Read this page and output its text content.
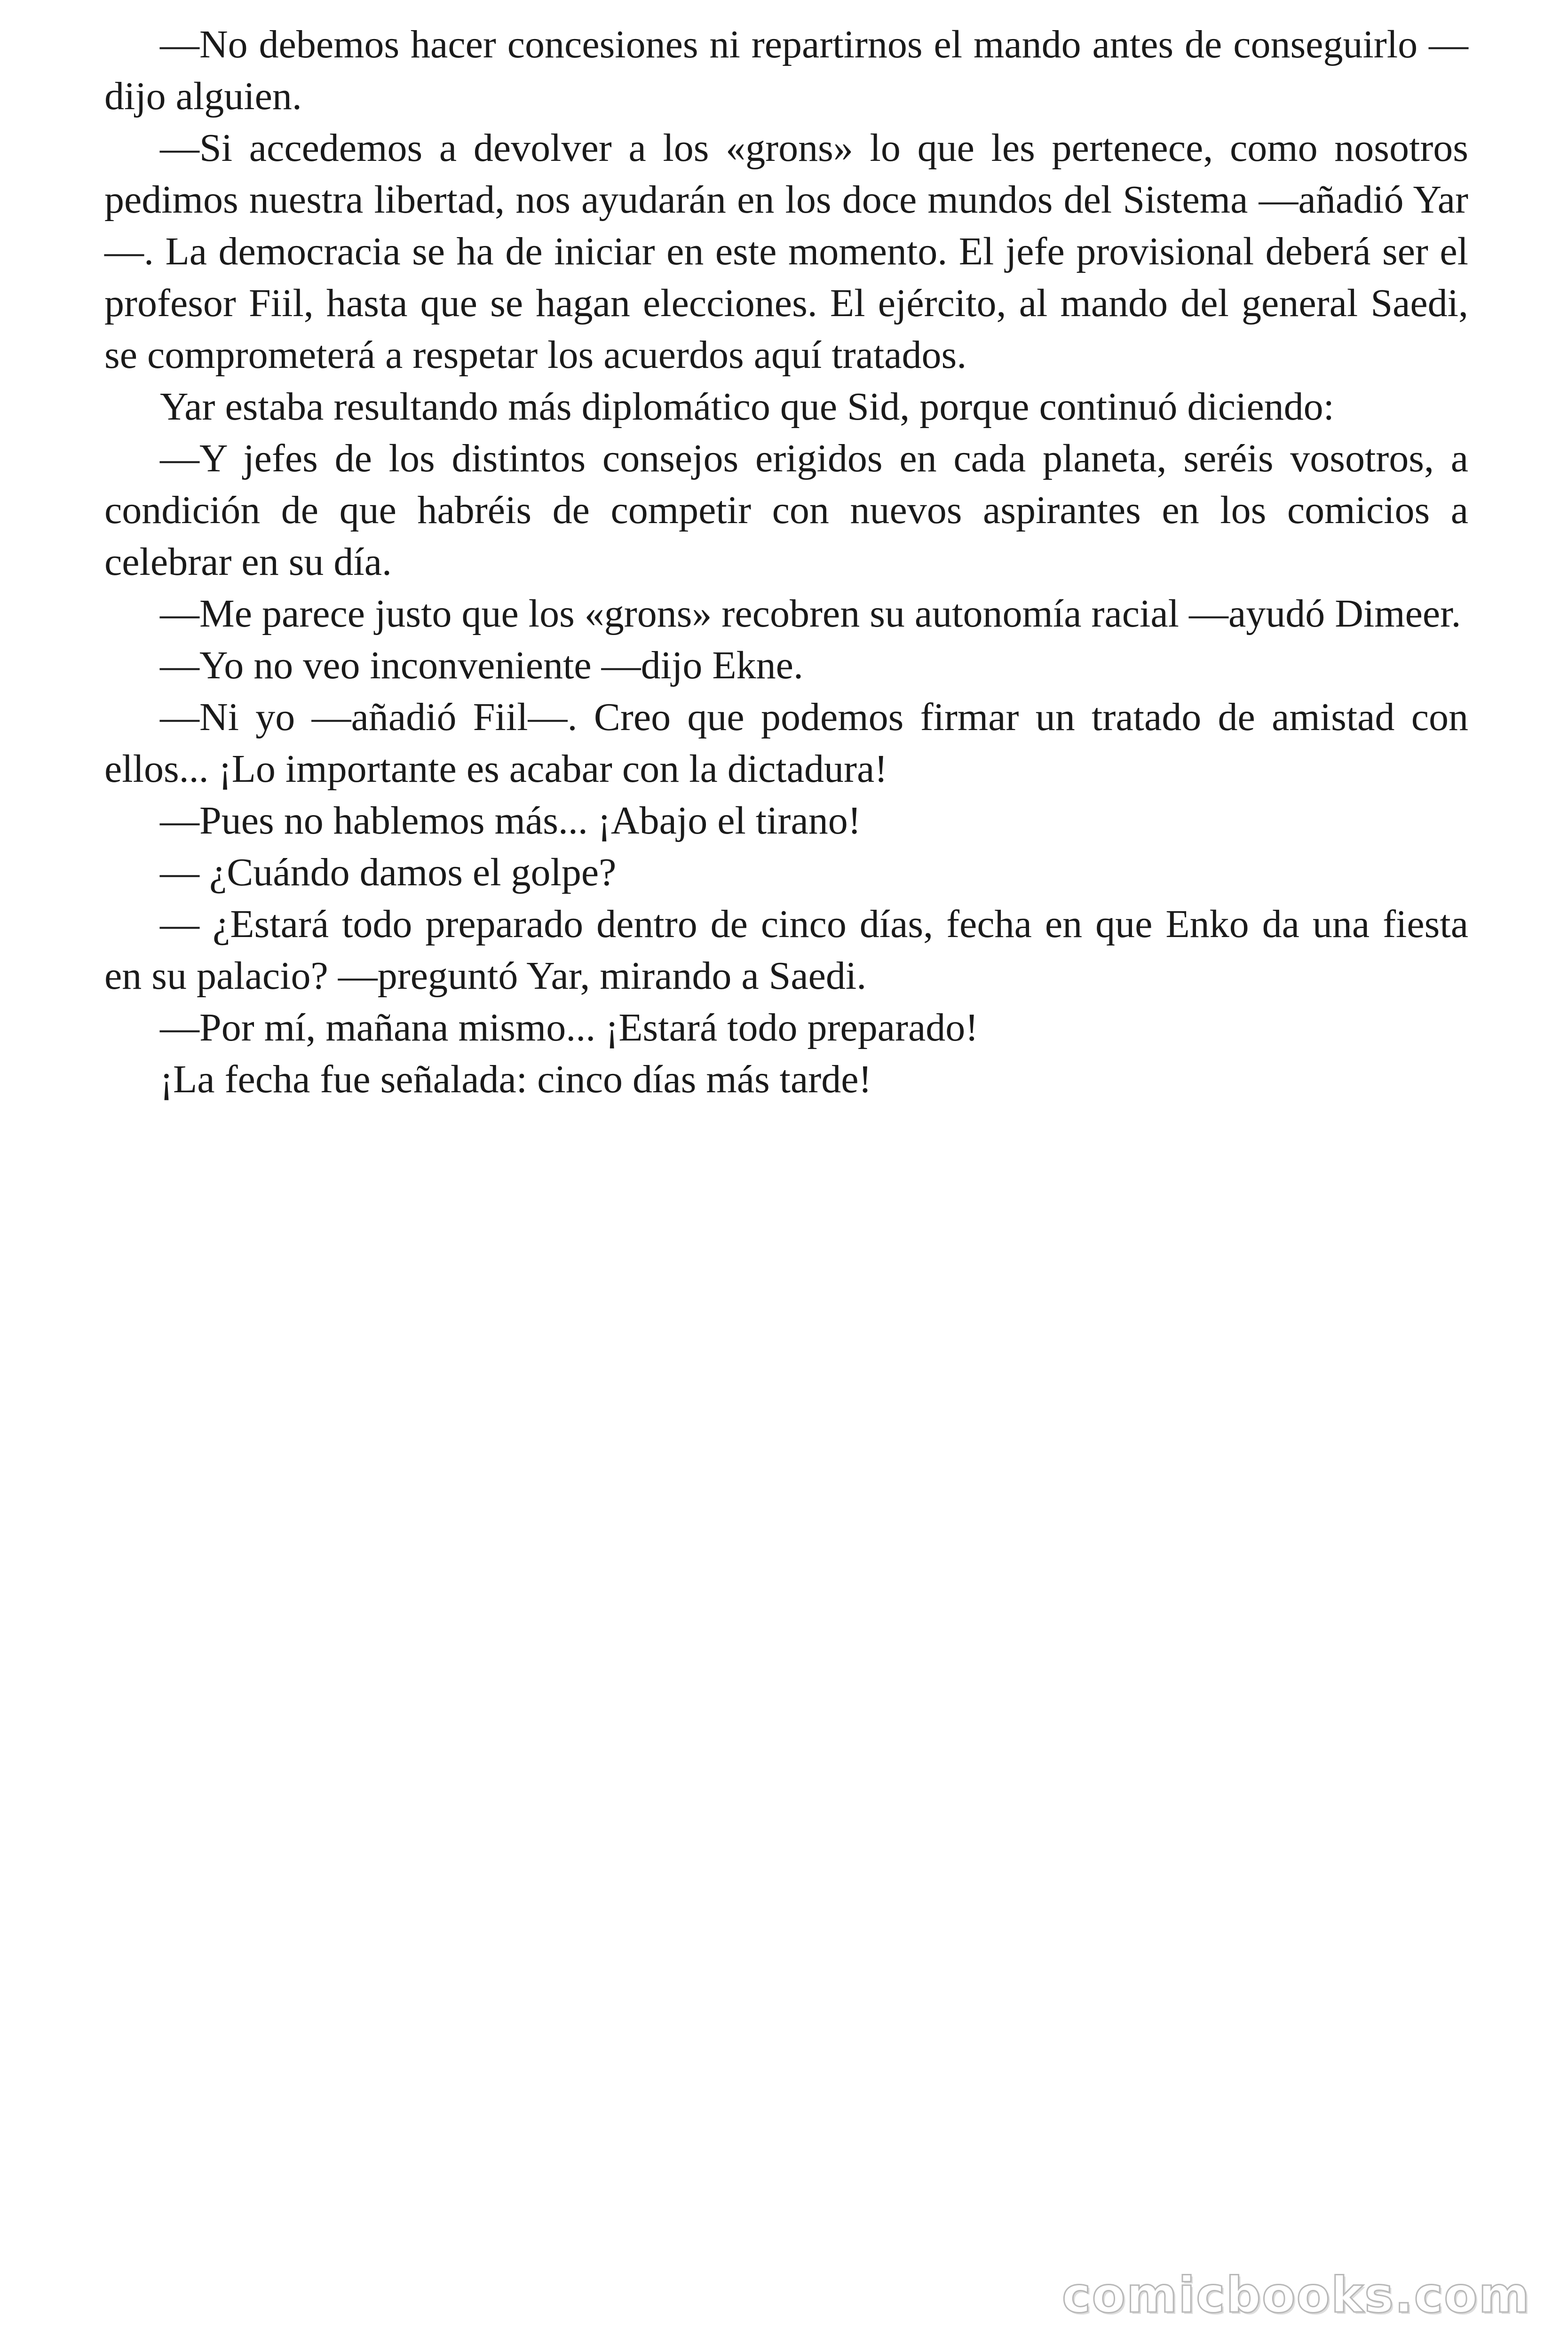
—No debemos hacer concesiones ni repartirnos el mando antes de conseguirlo —dijo alguien.

—Si accedemos a devolver a los «grons» lo que les pertenece, como nosotros pedimos nuestra libertad, nos ayudarán en los doce mundos del Sistema —añadió Yar—. La democracia se ha de iniciar en este momento. El jefe provisional deberá ser el profesor Fiil, hasta que se hagan elecciones. El ejército, al mando del general Saedi, se comprometerá a respetar los acuerdos aquí tratados.

Yar estaba resultando más diplomático que Sid, porque continuó diciendo:

—Y jefes de los distintos consejos erigidos en cada planeta, seréis vosotros, a condición de que habréis de competir con nuevos aspirantes en los comicios a celebrar en su día.

—Me parece justo que los «grons» recobren su autonomía racial —ayudó Dimeer.

—Yo no veo inconveniente —dijo Ekne.

—Ni yo —añadió Fiil—. Creo que podemos firmar un tratado de amistad con ellos... ¡Lo importante es acabar con la dictadura!

—Pues no hablemos más... ¡Abajo el tirano!

— ¿Cuándo damos el golpe?

— ¿Estará todo preparado dentro de cinco días, fecha en que Enko da una fiesta en su palacio? —preguntó Yar, mirando a Saedi.

—Por mí, mañana mismo... ¡Estará todo preparado!

¡La fecha fue señalada: cinco días más tarde!

comicbooks.com
